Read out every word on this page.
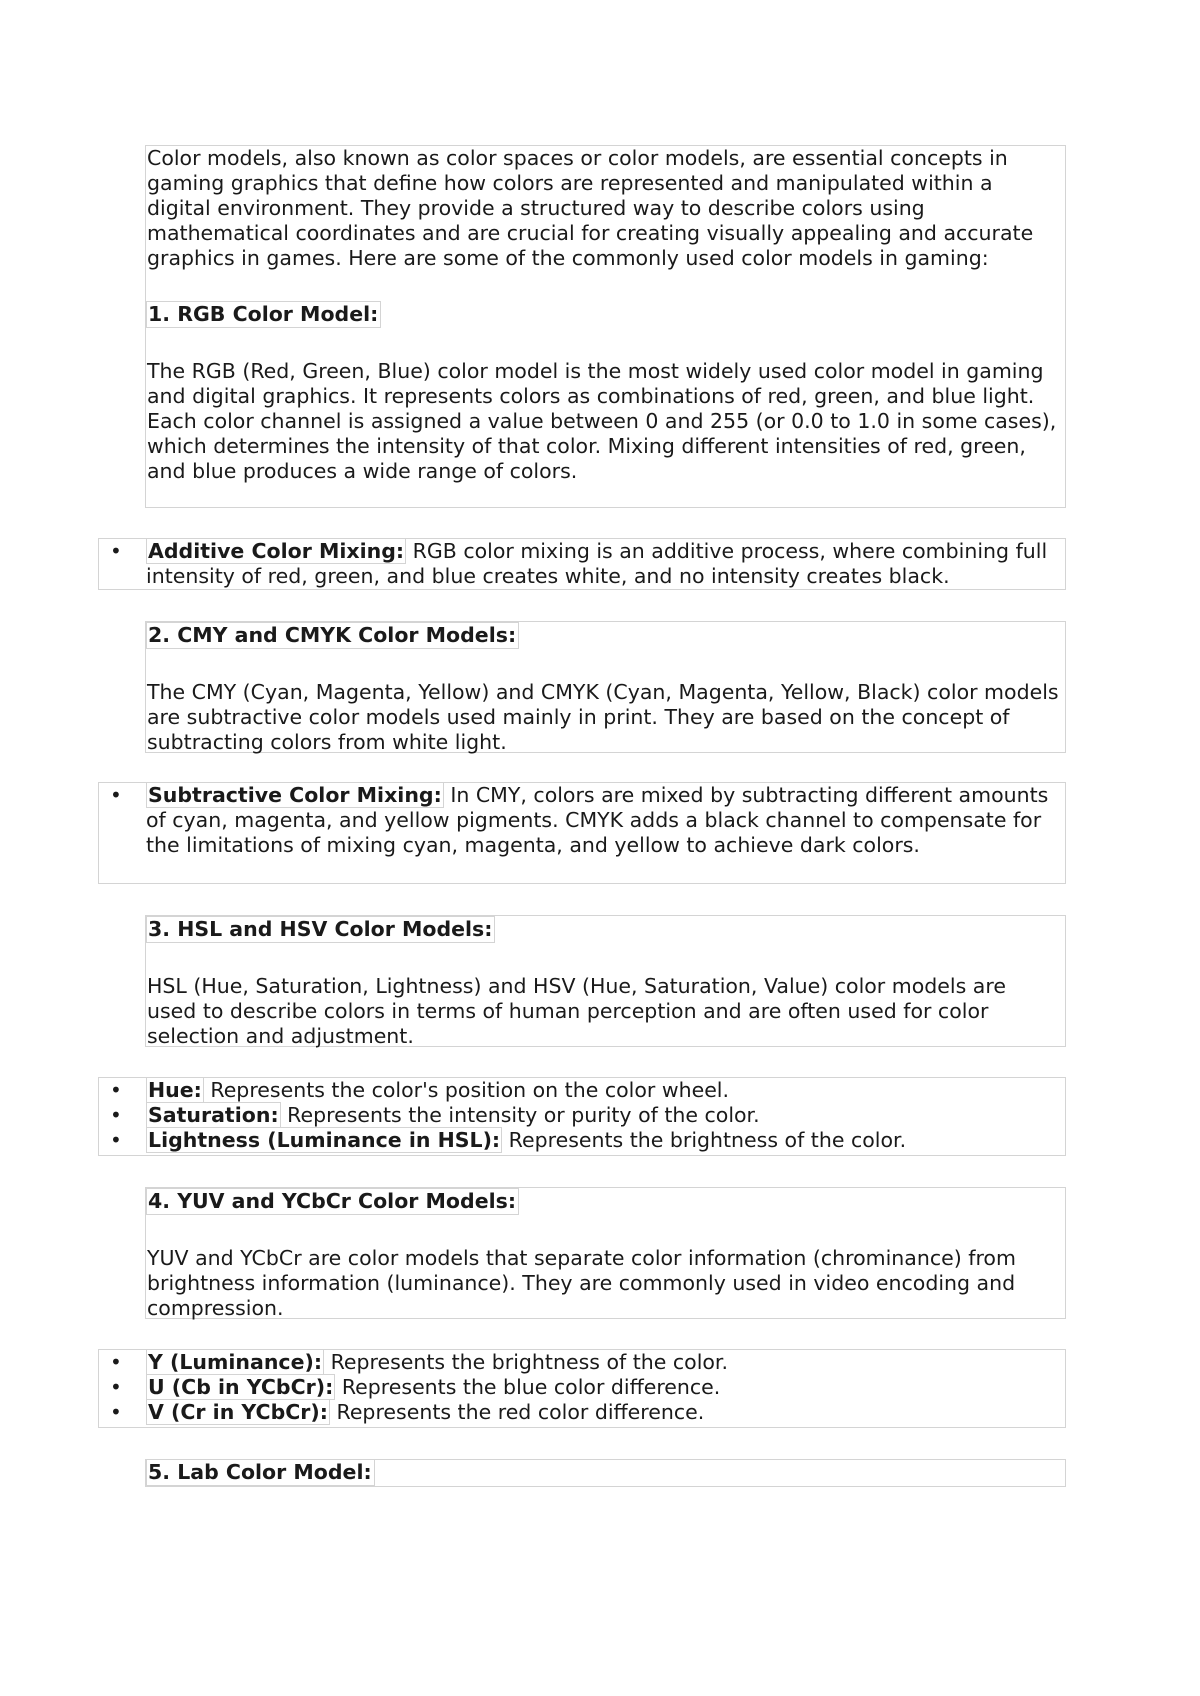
Color models, also known as color spaces or color models, are essential concepts in gaming graphics that define how colors are represented and manipulated within a digital environment. They provide a structured way to describe colors using mathematical coordinates and are crucial for creating visually appealing and accurate graphics in games. Here are some of the commonly used color models in gaming:

1. RGB Color Model:

The RGB (Red, Green, Blue) color model is the most widely used color model in gaming and digital graphics. It represents colors as combinations of red, green, and blue light. Each color channel is assigned a value between 0 and 255 (or 0.0 to 1.0 in some cases), which determines the intensity of that color. Mixing different intensities of red, green, and blue produces a wide range of colors.

• Additive Color Mixing: RGB color mixing is an additive process, where combining full intensity of red, green, and blue creates white, and no intensity creates black.
2. CMY and CMYK Color Models:

The CMY (Cyan, Magenta, Yellow) and CMYK (Cyan, Magenta, Yellow, Black) color models are subtractive color models used mainly in print. They are based on the concept of subtracting colors from white light.

• Subtractive Color Mixing: In CMY, colors are mixed by subtracting different amounts of cyan, magenta, and yellow pigments. CMYK adds a black channel to compensate for the limitations of mixing cyan, magenta, and yellow to achieve dark colors.
3. HSL and HSV Color Models:

HSL (Hue, Saturation, Lightness) and HSV (Hue, Saturation, Value) color models are used to describe colors in terms of human perception and are often used for color selection and adjustment.

• Hue: Represents the color's position on the color wheel.
• Saturation: Represents the intensity or purity of the color.
• Lightness (Luminance in HSL): Represents the brightness of the color.
4. YUV and YCbCr Color Models:

YUV and YCbCr are color models that separate color information (chrominance) from brightness information (luminance). They are commonly used in video encoding and compression.

• Y (Luminance): Represents the brightness of the color.
• U (Cb in YCbCr): Represents the blue color difference.
• V (Cr in YCbCr): Represents the red color difference.
5. Lab Color Model:
